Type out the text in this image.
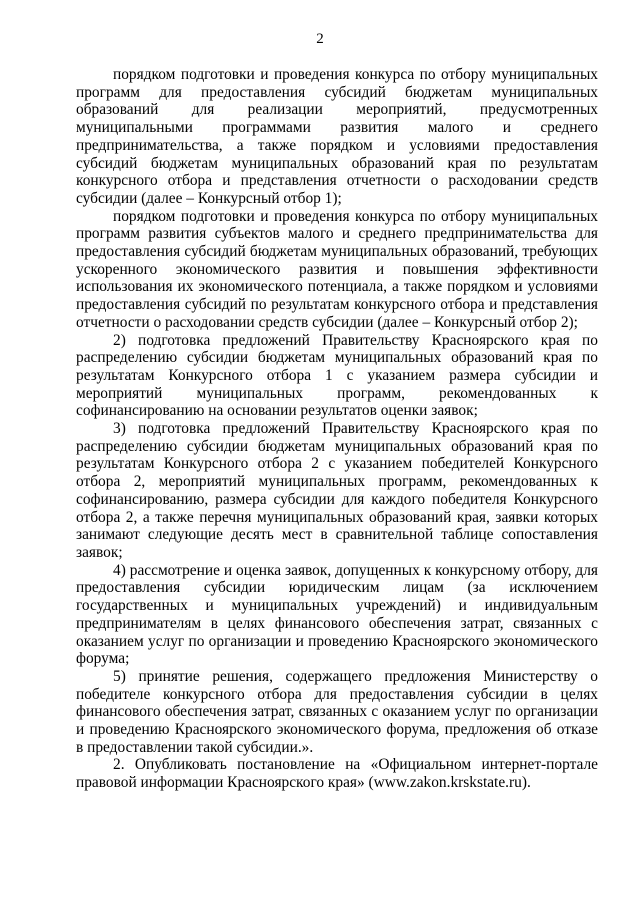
2

порядком подготовки и проведения конкурса по отбору муниципальных программ для предоставления субсидий бюджетам муниципальных образований для реализации мероприятий, предусмотренных муниципальными программами развития малого и среднего предпринимательства, а также порядком и условиями предоставления субсидий бюджетам муниципальных образований края по результатам конкурсного отбора и представления отчетности о расходовании средств субсидии (далее – Конкурсный отбор 1);

порядком подготовки и проведения конкурса по отбору муниципальных программ развития субъектов малого и среднего предпринимательства для предоставления субсидий бюджетам муниципальных образований, требующих ускоренного экономического развития и повышения эффективности использования их экономического потенциала, а также порядком и условиями предоставления субсидий по результатам конкурсного отбора и представления отчетности о расходовании средств субсидии (далее – Конкурсный отбор 2);

2) подготовка предложений Правительству Красноярского края по распределению субсидии бюджетам муниципальных образований края по результатам Конкурсного отбора 1 с указанием размера субсидии и мероприятий муниципальных программ, рекомендованных к софинансированию на основании результатов оценки заявок;

3) подготовка предложений Правительству Красноярского края по распределению субсидии бюджетам муниципальных образований края по результатам Конкурсного отбора 2 с указанием победителей Конкурсного отбора 2, мероприятий муниципальных программ, рекомендованных к софинансированию, размера субсидии для каждого победителя Конкурсного отбора 2, а также перечня муниципальных образований края, заявки которых занимают следующие десять мест в сравнительной таблице сопоставления заявок;

4) рассмотрение и оценка заявок, допущенных к конкурсному отбору, для предоставления субсидии юридическим лицам (за исключением государственных и муниципальных учреждений) и индивидуальным предпринимателям в целях финансового обеспечения затрат, связанных с оказанием услуг по организации и проведению Красноярского экономического форума;

5) принятие решения, содержащего предложения Министерству о победителе конкурсного отбора для предоставления субсидии в целях финансового обеспечения затрат, связанных с оказанием услуг по организации и проведению Красноярского экономического форума, предложения об отказе в предоставлении такой субсидии.».

2. Опубликовать постановление на «Официальном интернет-портале правовой информации Красноярского края» (www.zakon.krskstate.ru).
